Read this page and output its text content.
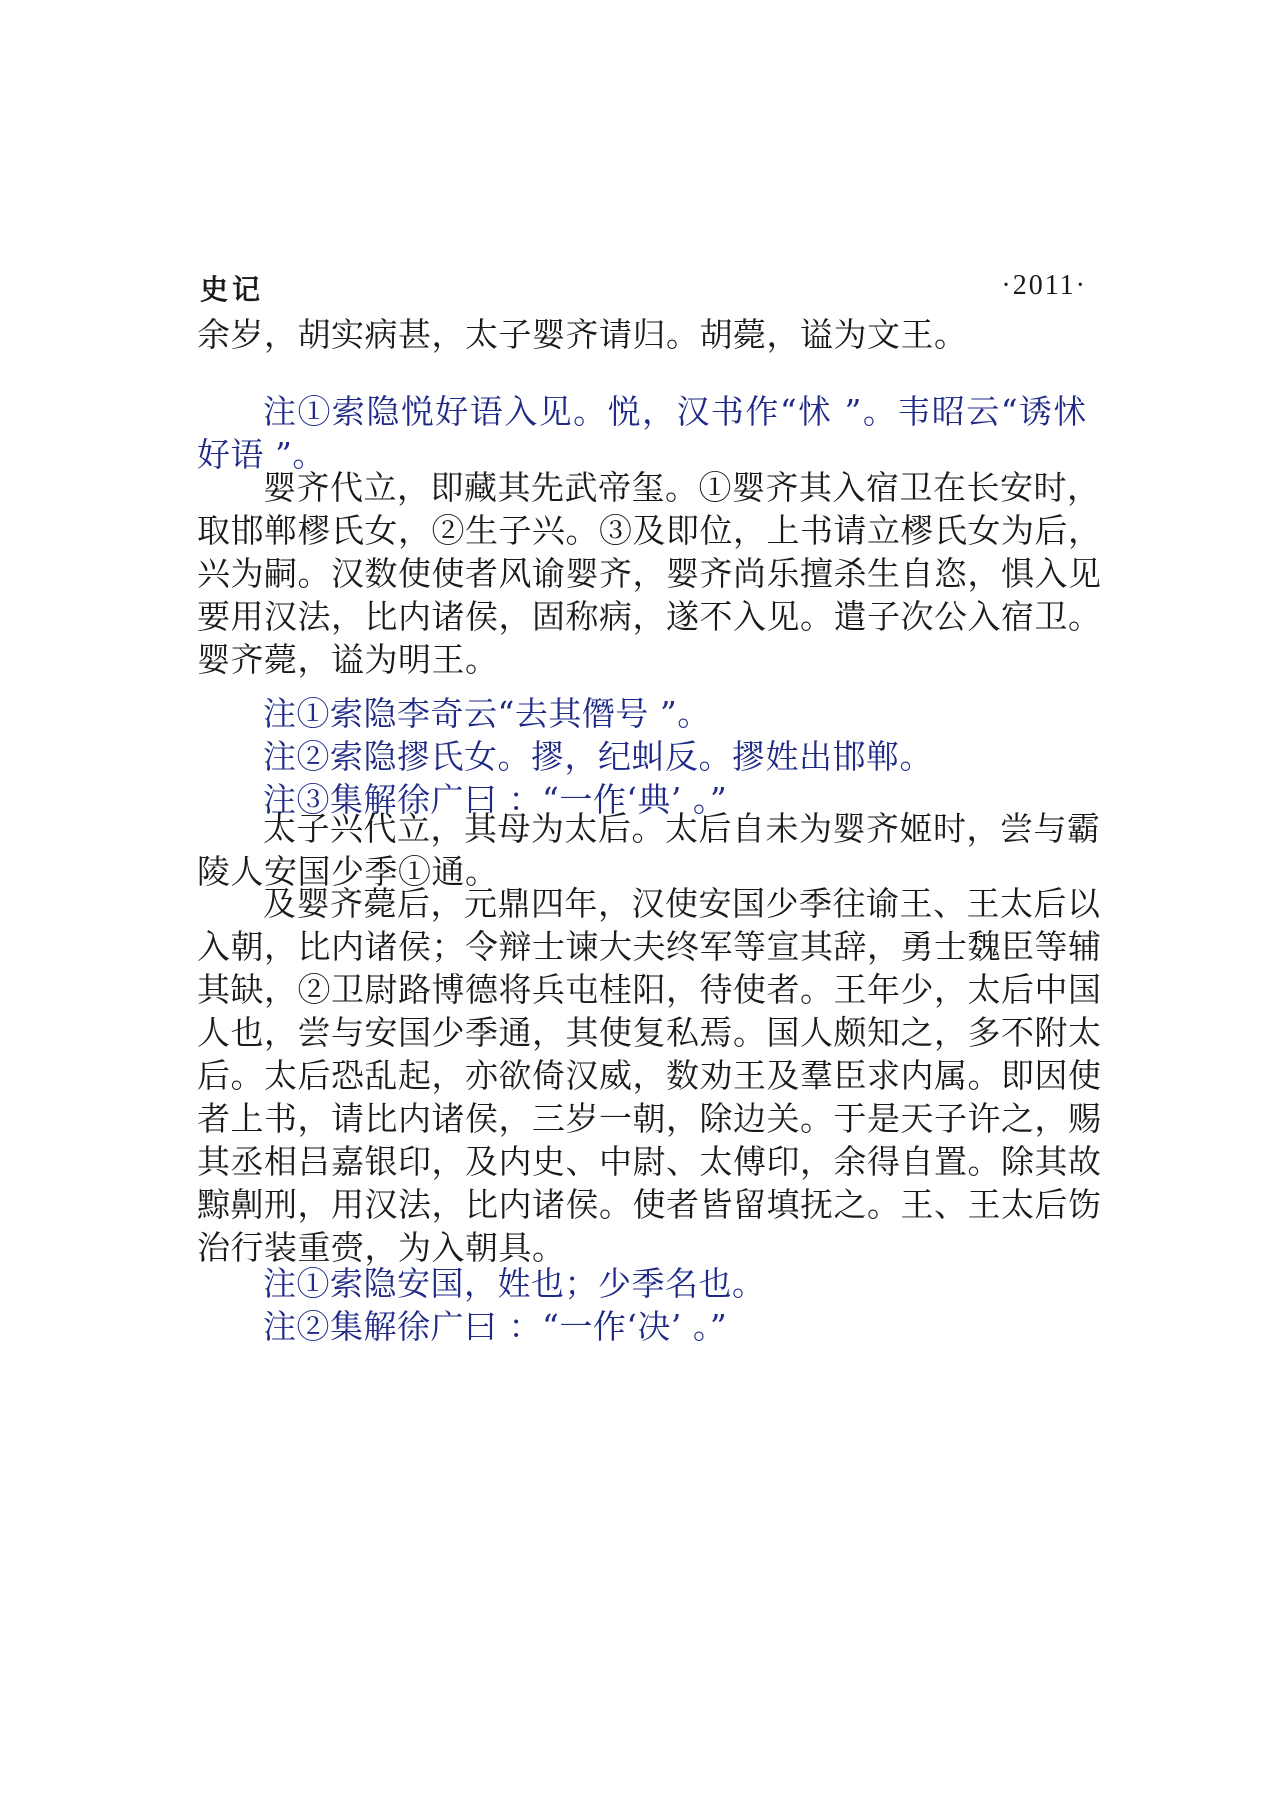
史记	·2011·
余岁，胡实病甚，太子婴齐请归。胡薨，谥为文王。
注①索隐悦好语入见。悦，汉书作“怵 ”。韦昭云“诱怵
好语 ”。
婴齐代立，即藏其先武帝玺。①婴齐其入宿卫在长安时，
取邯郸樛氏女，②生子兴。③及即位，上书请立樛氏女为后，
兴为嗣。汉数使使者风谕婴齐，婴齐尚乐擅杀生自恣，惧入见
要用汉法，比内诸侯，固称病，遂不入见。遣子次公入宿卫。
婴齐薨，谥为明王。
注①索隐李奇云“去其僭号 ”。
注②索隐摎氏女。摎，纪虯反。摎姓出邯郸。
注③集解徐广曰 ：“一作‘典’ 。”
太子兴代立，其母为太后。太后自未为婴齐姬时，尝与霸
陵人安国少季①通。
及婴齐薨后，元鼎四年，汉使安国少季往谕王、王太后以
入朝，比内诸侯；令辩士谏大夫终军等宣其辞，勇士魏臣等辅
其缺，②卫尉路博德将兵屯桂阳，待使者。王年少，太后中国
人也，尝与安国少季通，其使复私焉。国人颇知之，多不附太
后。太后恐乱起，亦欲倚汉威，数劝王及羣臣求内属。即因使
者上书，请比内诸侯，三岁一朝，除边关。于是天子许之，赐
其丞相吕嘉银印，及内史、中尉、太傅印，余得自置。除其故
黥劓刑，用汉法，比内诸侯。使者皆留填抚之。王、王太后饬
治行装重赍，为入朝具。
注①索隐安国，姓也；少季名也。
注②集解徐广曰 ：“一作‘决’ 。”
